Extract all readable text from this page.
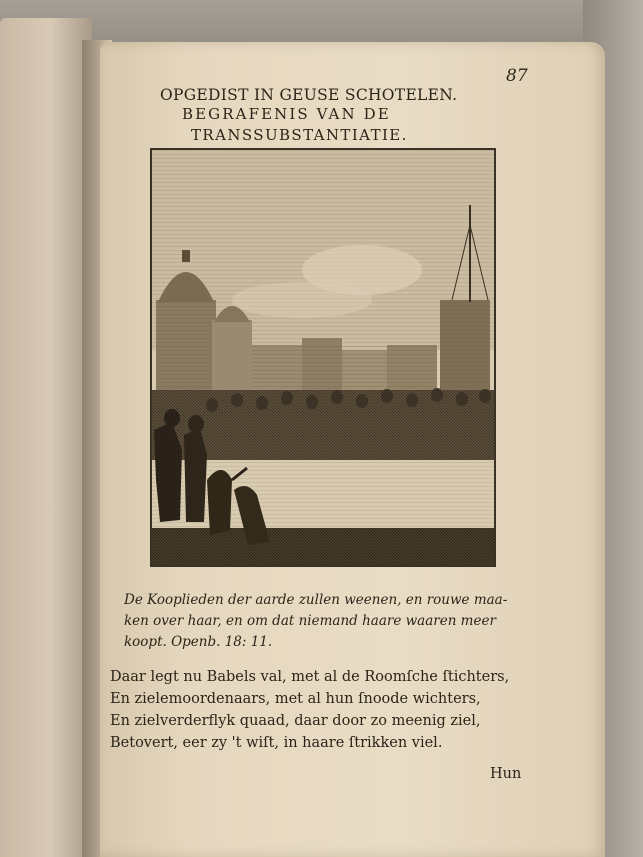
OPGEDIST IN GEUSE SCHOTELEN.
87
BEGRAFENIS VAN DE
TRANSSUBSTANTIATIE.
De Kooplieden der aarde zullen weenen, en rouwe maa-
ken over haar, en om dat niemand haare waaren meer
koopt. Openb. 18: 11.
Daar legt nu Babels val, met al de Roomſche ſtichters,
En zielemoordenaars, met al hun ſnoode wichters,
En zielverderflyk quaad, daar door zo meenig ziel,
Betovert, eer zy 't wiſt, in haare ſtrikken viel.
Hun
